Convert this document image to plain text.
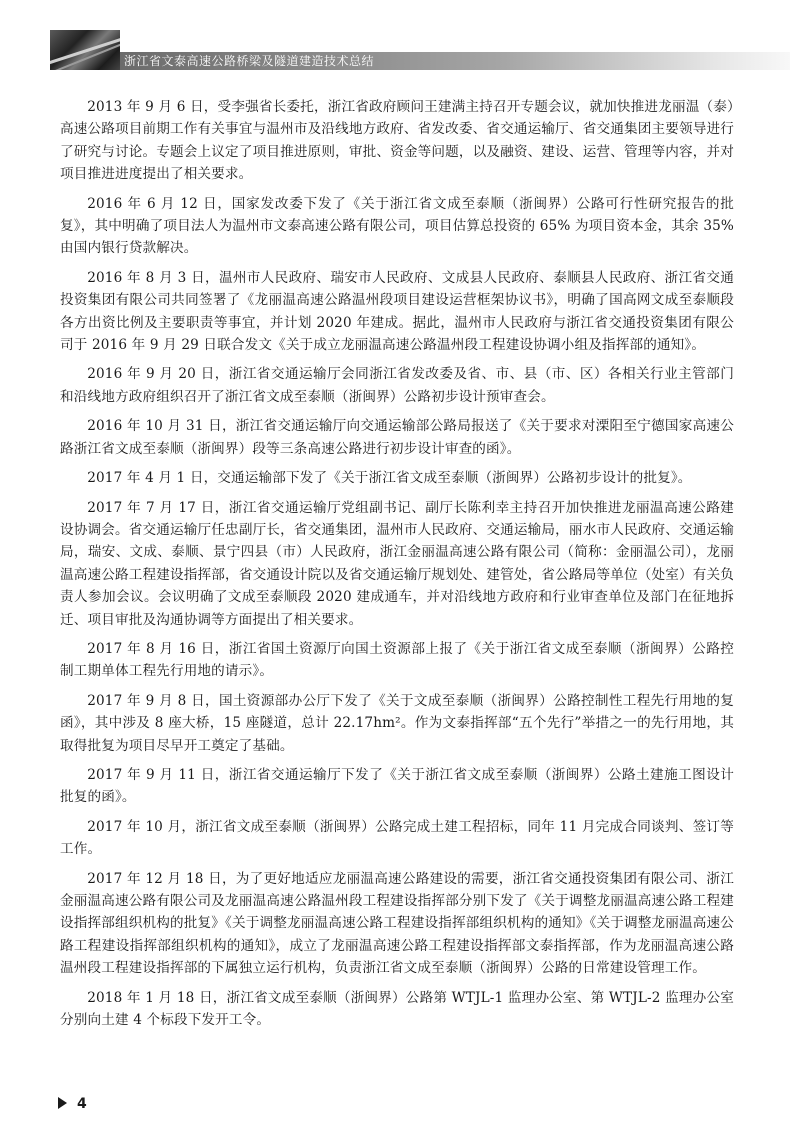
浙江省文泰高速公路桥梁及隧道建造技术总结

2013 年 9 月 6 日，受李强省长委托，浙江省政府顾问王建满主持召开专题会议，就加快推进龙丽温（泰）高速公路项目前期工作有关事宜与温州市及沿线地方政府、省发改委、省交通运输厅、省交通集团主要领导进行了研究与讨论。专题会上议定了项目推进原则，审批、资金等问题，以及融资、建设、运营、管理等内容，并对项目推进进度提出了相关要求。

2016 年 6 月 12 日，国家发改委下发了《关于浙江省文成至泰顺（浙闽界）公路可行性研究报告的批复》，其中明确了项目法人为温州市文泰高速公路有限公司，项目估算总投资的 65% 为项目资本金，其余 35% 由国内银行贷款解决。

2016 年 8 月 3 日，温州市人民政府、瑞安市人民政府、文成县人民政府、泰顺县人民政府、浙江省交通投资集团有限公司共同签署了《龙丽温高速公路温州段项目建设运营框架协议书》，明确了国高网文成至泰顺段各方出资比例及主要职责等事宜，并计划 2020 年建成。据此，温州市人民政府与浙江省交通投资集团有限公司于 2016 年 9 月 29 日联合发文《关于成立龙丽温高速公路温州段工程建设协调小组及指挥部的通知》。

2016 年 9 月 20 日，浙江省交通运输厅会同浙江省发改委及省、市、县（市、区）各相关行业主管部门和沿线地方政府组织召开了浙江省文成至泰顺（浙闽界）公路初步设计预审查会。

2016 年 10 月 31 日，浙江省交通运输厅向交通运输部公路局报送了《关于要求对溧阳至宁德国家高速公路浙江省文成至泰顺（浙闽界）段等三条高速公路进行初步设计审查的函》。

2017 年 4 月 1 日，交通运输部下发了《关于浙江省文成至泰顺（浙闽界）公路初步设计的批复》。

2017 年 7 月 17 日，浙江省交通运输厅党组副书记、副厅长陈利幸主持召开加快推进龙丽温高速公路建设协调会。省交通运输厅任忠副厅长，省交通集团，温州市人民政府、交通运输局，丽水市人民政府、交通运输局，瑞安、文成、泰顺、景宁四县（市）人民政府，浙江金丽温高速公路有限公司（简称：金丽温公司），龙丽温高速公路工程建设指挥部，省交通设计院以及省交通运输厅规划处、建管处，省公路局等单位（处室）有关负责人参加会议。会议明确了文成至泰顺段 2020 建成通车，并对沿线地方政府和行业审查单位及部门在征地拆迁、项目审批及沟通协调等方面提出了相关要求。

2017 年 8 月 16 日，浙江省国土资源厅向国土资源部上报了《关于浙江省文成至泰顺（浙闽界）公路控制工期单体工程先行用地的请示》。

2017 年 9 月 8 日，国土资源部办公厅下发了《关于文成至泰顺（浙闽界）公路控制性工程先行用地的复函》，其中涉及 8 座大桥，15 座隧道，总计 22.17hm²。作为文泰指挥部“五个先行”举措之一的先行用地，其取得批复为项目尽早开工奠定了基础。

2017 年 9 月 11 日，浙江省交通运输厅下发了《关于浙江省文成至泰顺（浙闽界）公路土建施工图设计批复的函》。

2017 年 10 月，浙江省文成至泰顺（浙闽界）公路完成土建工程招标，同年 11 月完成合同谈判、签订等工作。

2017 年 12 月 18 日，为了更好地适应龙丽温高速公路建设的需要，浙江省交通投资集团有限公司、浙江金丽温高速公路有限公司及龙丽温高速公路温州段工程建设指挥部分别下发了《关于调整龙丽温高速公路工程建设指挥部组织机构的批复》《关于调整龙丽温高速公路工程建设指挥部组织机构的通知》《关于调整龙丽温高速公路工程建设指挥部组织机构的通知》，成立了龙丽温高速公路工程建设指挥部文泰指挥部，作为龙丽温高速公路温州段工程建设指挥部的下属独立运行机构，负责浙江省文成至泰顺（浙闽界）公路的日常建设管理工作。

2018 年 1 月 18 日，浙江省文成至泰顺（浙闽界）公路第 WTJL-1 监理办公室、第 WTJL-2 监理办公室分别向土建 4 个标段下发开工令。

4
